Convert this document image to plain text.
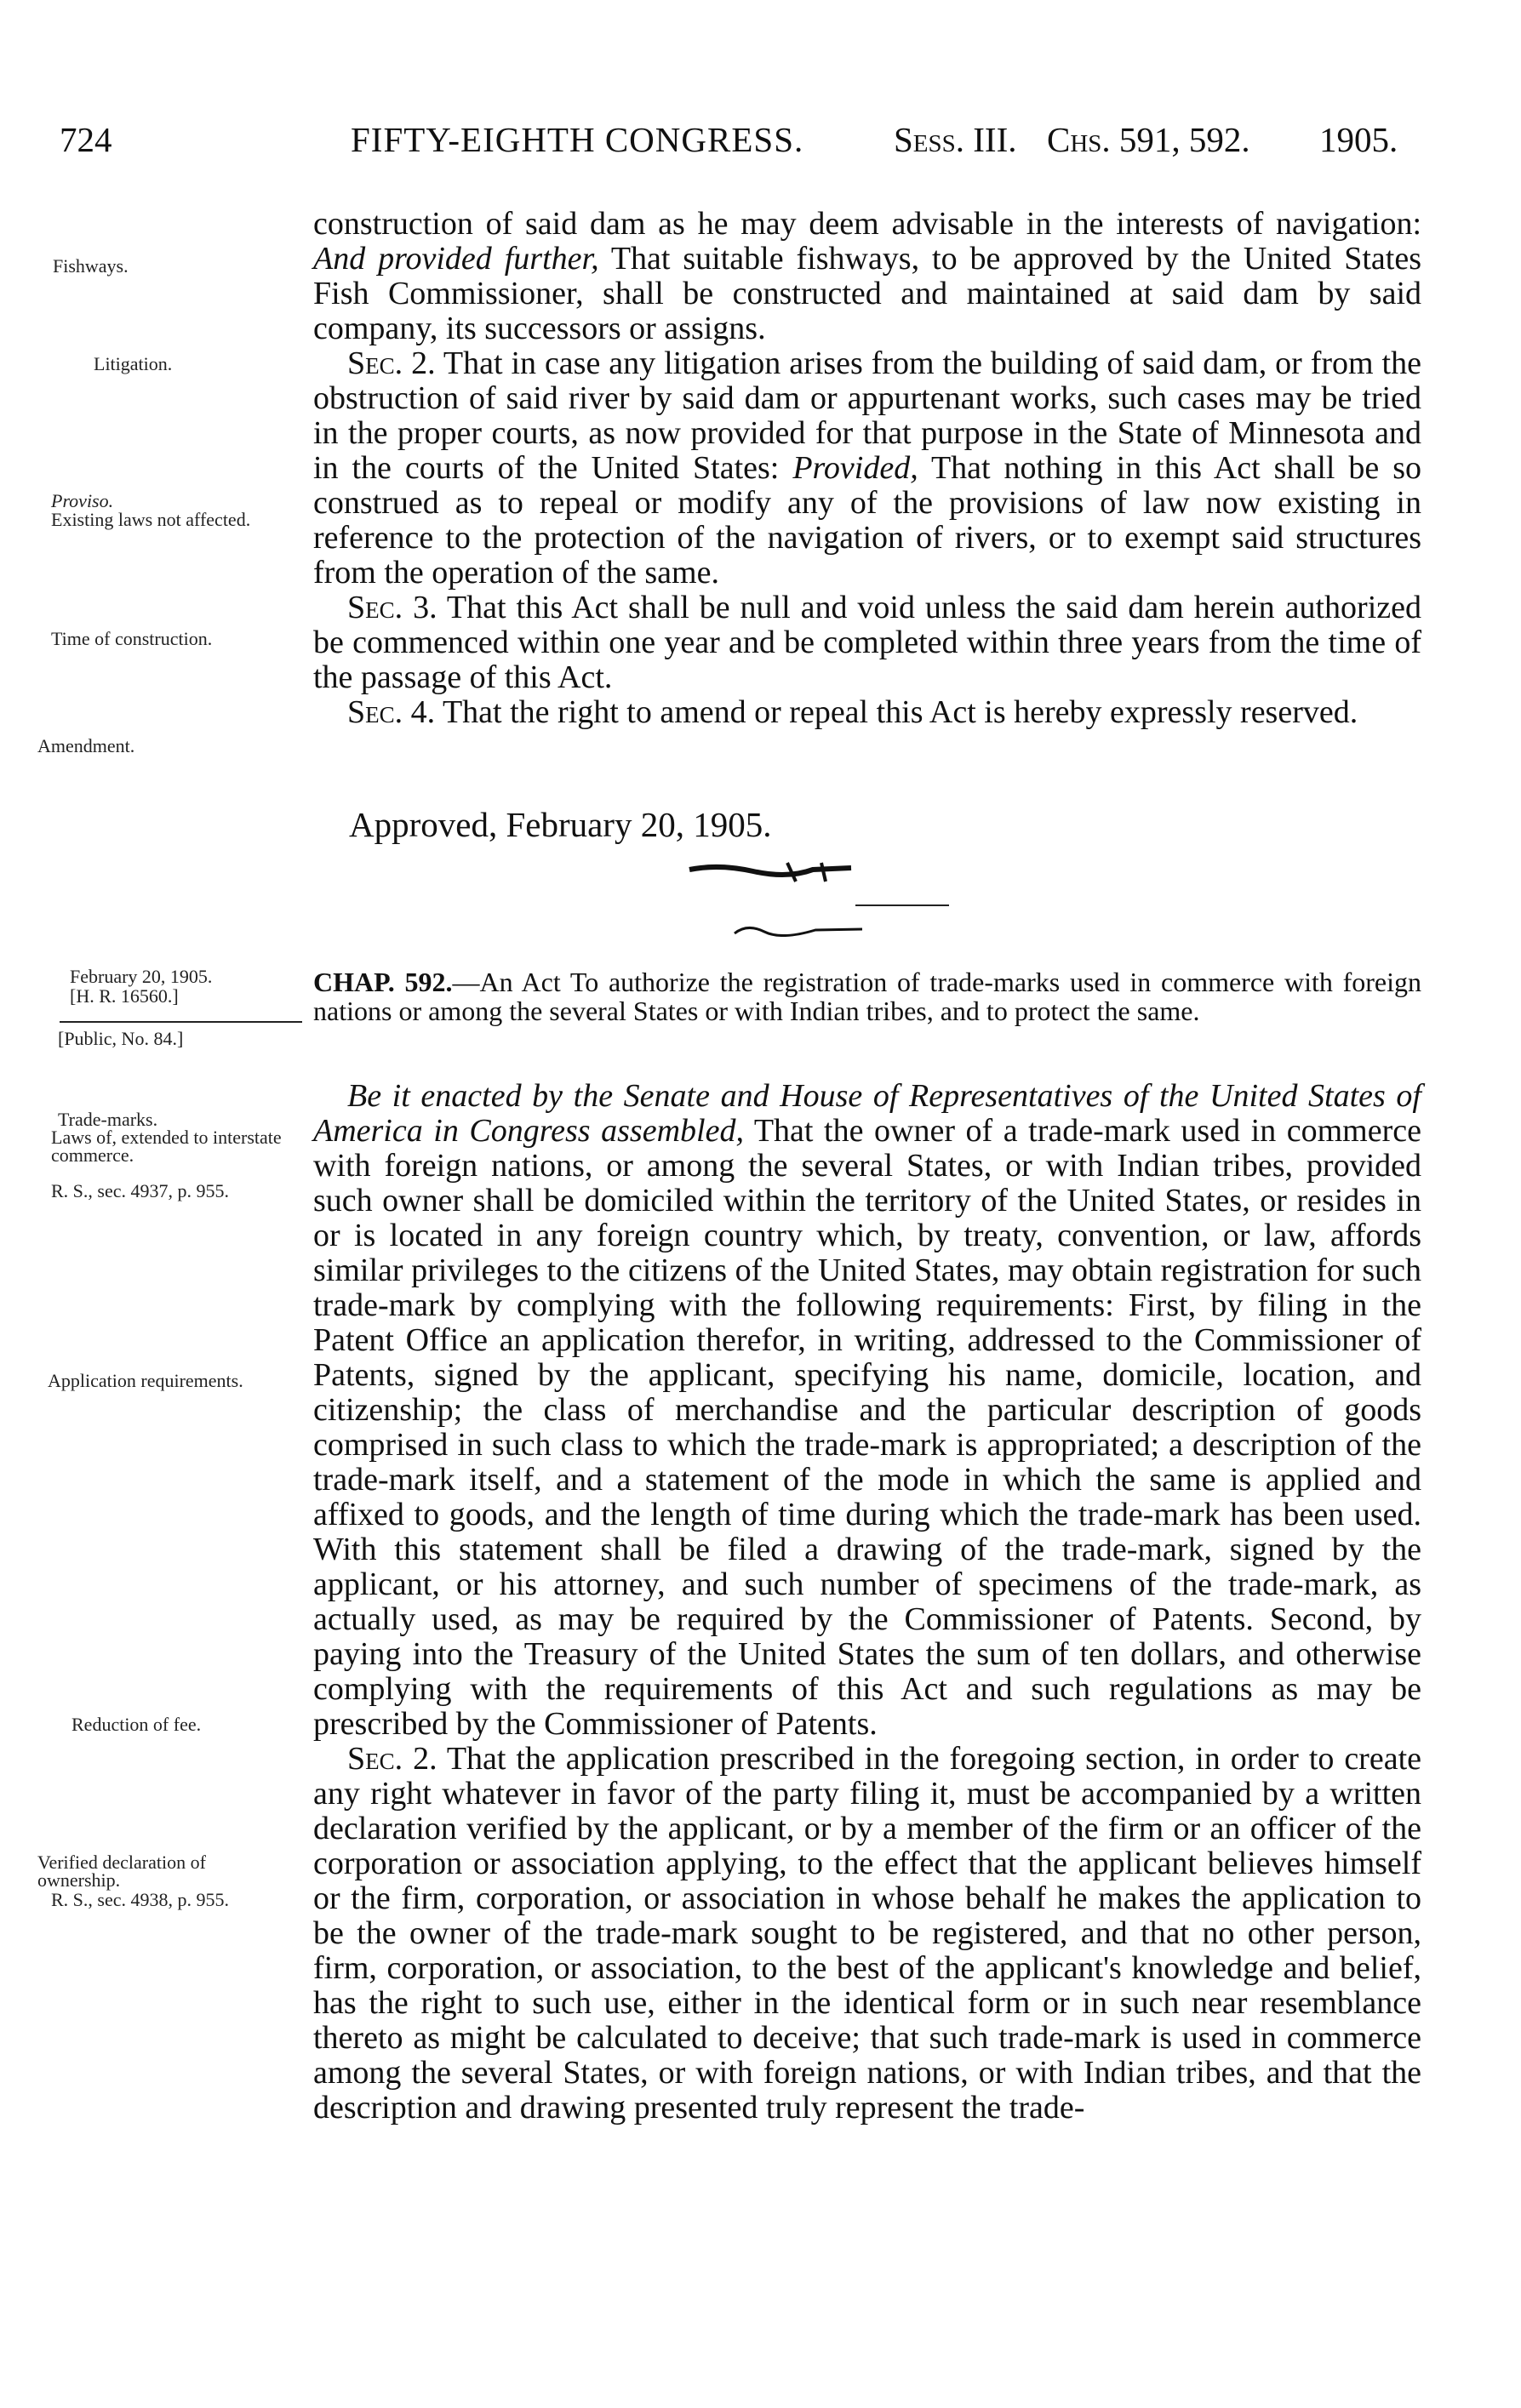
724	FIFTY-EIGHTH CONGRESS.	Sess. III. Chs. 591, 592. 1905.
Fishways.
Litigation.
Proviso.
Existing laws not affected.
Time of construction.
Amendment.
February 20, 1905.
[H. R. 16560.]
[Public, No. 84.]
Trade-marks.
Laws of, extended to interstate commerce.
R. S., sec. 4937, p. 955.
Application requirements.
Reduction of fee.
Verified declaration of ownership.
R. S., sec. 4938, p. 955.

construction of said dam as he may deem advisable in the interests of navigation: And provided further, That suitable fishways, to be approved by the United States Fish Commissioner, shall be constructed and maintained at said dam by said company, its successors or assigns.

Sec. 2. That in case any litigation arises from the building of said dam, or from the obstruction of said river by said dam or appurtenant works, such cases may be tried in the proper courts, as now provided for that purpose in the State of Minnesota and in the courts of the United States: Provided, That nothing in this Act shall be so construed as to repeal or modify any of the provisions of law now existing in reference to the protection of the navigation of rivers, or to exempt said structures from the operation of the same.

Sec. 3. That this Act shall be null and void unless the said dam herein authorized be commenced within one year and be completed within three years from the time of the passage of this Act.

Sec. 4. That the right to amend or repeal this Act is hereby expressly reserved.

Approved, February 20, 1905.
CHAP. 592.—An Act To authorize the registration of trade-marks used in commerce with foreign nations or among the several States or with Indian tribes, and to protect the same.

Be it enacted by the Senate and House of Representatives of the United States of America in Congress assembled, That the owner of a trade-mark used in commerce with foreign nations, or among the several States, or with Indian tribes, provided such owner shall be domiciled within the territory of the United States, or resides in or is located in any foreign country which, by treaty, convention, or law, affords similar privileges to the citizens of the United States, may obtain registration for such trade-mark by complying with the following requirements: First, by filing in the Patent Office an application therefor, in writing, addressed to the Commissioner of Patents, signed by the applicant, specifying his name, domicile, location, and citizenship; the class of merchandise and the particular description of goods comprised in such class to which the trade-mark is appropriated; a description of the trade-mark itself, and a statement of the mode in which the same is applied and affixed to goods, and the length of time during which the trade-mark has been used. With this statement shall be filed a drawing of the trade-mark, signed by the applicant, or his attorney, and such number of specimens of the trade-mark, as actually used, as may be required by the Commissioner of Patents. Second, by paying into the Treasury of the United States the sum of ten dollars, and otherwise complying with the requirements of this Act and such regulations as may be prescribed by the Commissioner of Patents.

Sec. 2. That the application prescribed in the foregoing section, in order to create any right whatever in favor of the party filing it, must be accompanied by a written declaration verified by the applicant, or by a member of the firm or an officer of the corporation or association applying, to the effect that the applicant believes himself or the firm, corporation, or association in whose behalf he makes the application to be the owner of the trade-mark sought to be registered, and that no other person, firm, corporation, or association, to the best of the applicant's knowledge and belief, has the right to such use, either in the identical form or in such near resemblance thereto as might be calculated to deceive; that such trade-mark is used in commerce among the several States, or with foreign nations, or with Indian tribes, and that the description and drawing presented truly represent the trade-
